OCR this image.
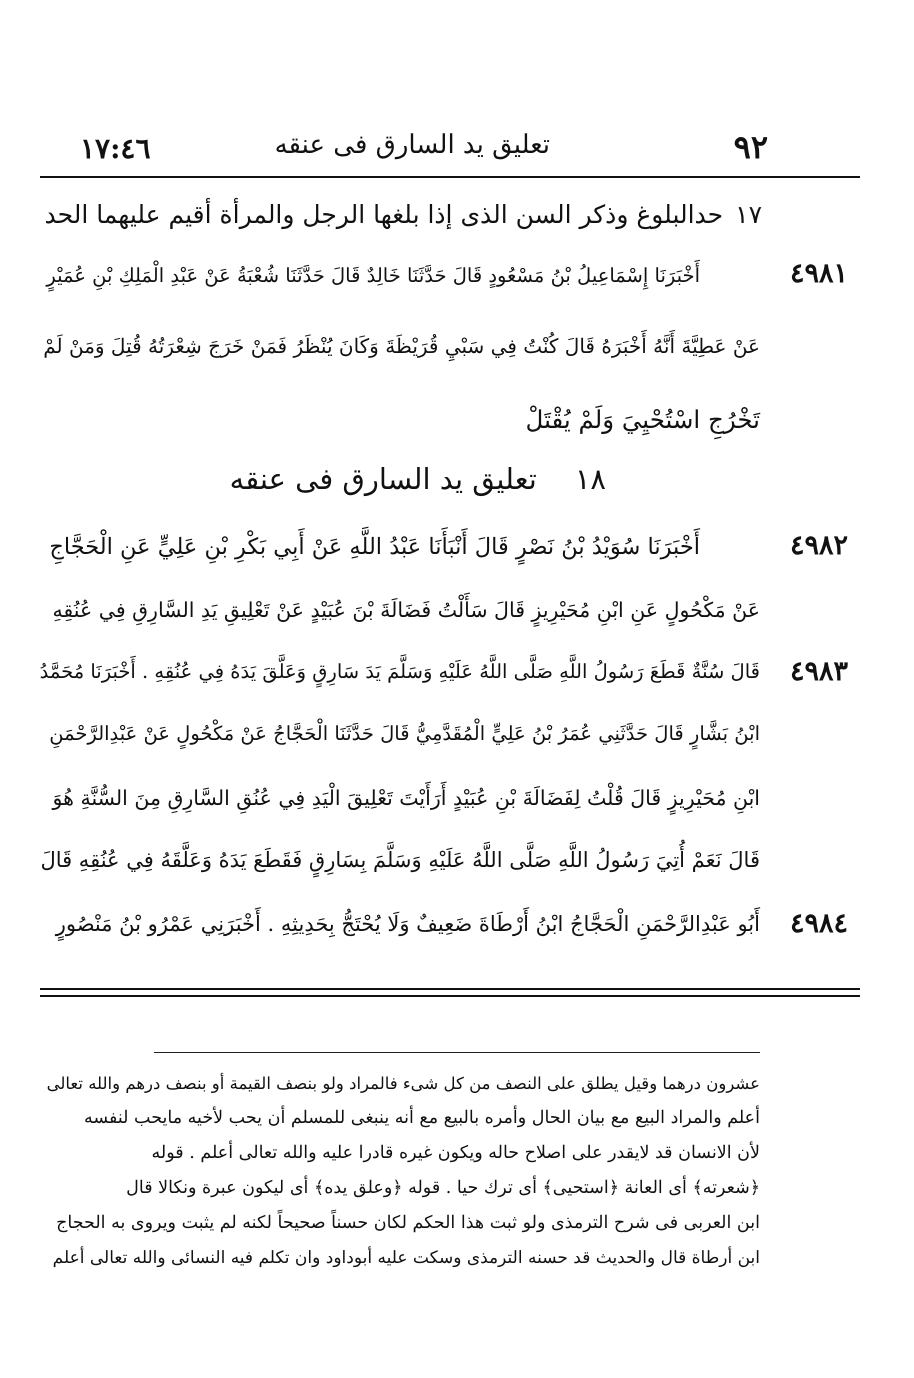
٩٢
تعليق يد السارق فى عنقه
١٧:٤٦
١٧حدالبلوغ وذكر السن الذى إذا بلغها الرجل والمرأة أقيم عليهما الحد
٤٩٨١
أَخْبَرَنَا إِسْمَاعِيلُ بْنُ مَسْعُودٍ قَالَ حَدَّثَنَا خَالِدٌ قَالَ حَدَّثَنَا شُعْبَةُ عَنْ عَبْدِ الْمَلِكِ بْنِ عُمَيْرٍ
عَنْ عَطِيَّةَ أَنَّهُ أَخْبَرَهُ قَالَ كُنْتُ فِي سَبْيِ قُرَيْظَةَ وَكَانَ يُنْظَرُ فَمَنْ خَرَجَ شِعْرَتُهُ قُتِلَ وَمَنْ لَمْ
تَخْرُجِ اسْتُحْيِيَ وَلَمْ يُقْتَلْ
١٨تعليق يد السارق فى عنقه
٤٩٨٢
أَخْبَرَنَا سُوَيْدُ بْنُ نَصْرٍ قَالَ أَنْبَأَنَا عَبْدُ اللَّهِ عَنْ أَبِي بَكْرِ بْنِ عَلِيٍّ عَنِ الْحَجَّاجِ
عَنْ مَكْحُولٍ عَنِ ابْنِ مُحَيْرِيزٍ قَالَ سَأَلْتُ فَضَالَةَ بْنَ عُبَيْدٍ عَنْ تَعْلِيقِ يَدِ السَّارِقِ فِي عُنُقِهِ
٤٩٨٣
قَالَ سُنَّةٌ قَطَعَ رَسُولُ اللَّهِ صَلَّى اللَّهُ عَلَيْهِ وَسَلَّمَ يَدَ سَارِقٍ وَعَلَّقَ يَدَهُ فِي عُنُقِهِ . أَخْبَرَنَا مُحَمَّدُ
ابْنُ بَشَّارٍ قَالَ حَدَّثَنِي عُمَرُ بْنُ عَلِيٍّ الْمُقَدَّمِيُّ قَالَ حَدَّثَنَا الْحَجَّاجُ عَنْ مَكْحُولٍ عَنْ عَبْدِالرَّحْمَنِ
ابْنِ مُحَيْرِيزٍ قَالَ قُلْتُ لِفَضَالَةَ بْنِ عُبَيْدٍ أَرَأَيْتَ تَعْلِيقَ الْيَدِ فِي عُنُقِ السَّارِقِ مِنَ السُّنَّةِ هُوَ
قَالَ نَعَمْ أُتِيَ رَسُولُ اللَّهِ صَلَّى اللَّهُ عَلَيْهِ وَسَلَّمَ بِسَارِقٍ فَقَطَعَ يَدَهُ وَعَلَّقَهُ فِي عُنُقِهِ قَالَ
٤٩٨٤
أَبُو عَبْدِالرَّحْمَنِ الْحَجَّاجُ ابْنُ أَرْطَاةَ ضَعِيفٌ وَلَا يُحْتَجُّ بِحَدِيثِهِ . أَخْبَرَنِي عَمْرُو بْنُ مَنْصُورٍ
عشرون درهما وقيل يطلق على النصف من كل شىء فالمراد ولو بنصف القيمة أو بنصف درهم والله تعالى
أعلم والمراد البيع مع بيان الحال وأمره بالبيع مع أنه ينبغى للمسلم أن يحب لأخيه مايحب لنفسه
لأن الانسان قد لايقدر على اصلاح حاله ويكون غيره قادرا عليه والله تعالى أعلم . قوله
﴿شعرته﴾ أى العانة ﴿استحيى﴾ أى ترك حيا . قوله ﴿وعلق يده﴾ أى ليكون عبرة ونكالا قال
ابن العربى فى شرح الترمذى ولو ثبت هذا الحكم لكان حسناً صحيحاً لكنه لم يثبت ويروى به الحجاج
ابن أرطاة قال والحديث قد حسنه الترمذى وسكت عليه أبوداود وان تكلم فيه النسائى والله تعالى أعلم
